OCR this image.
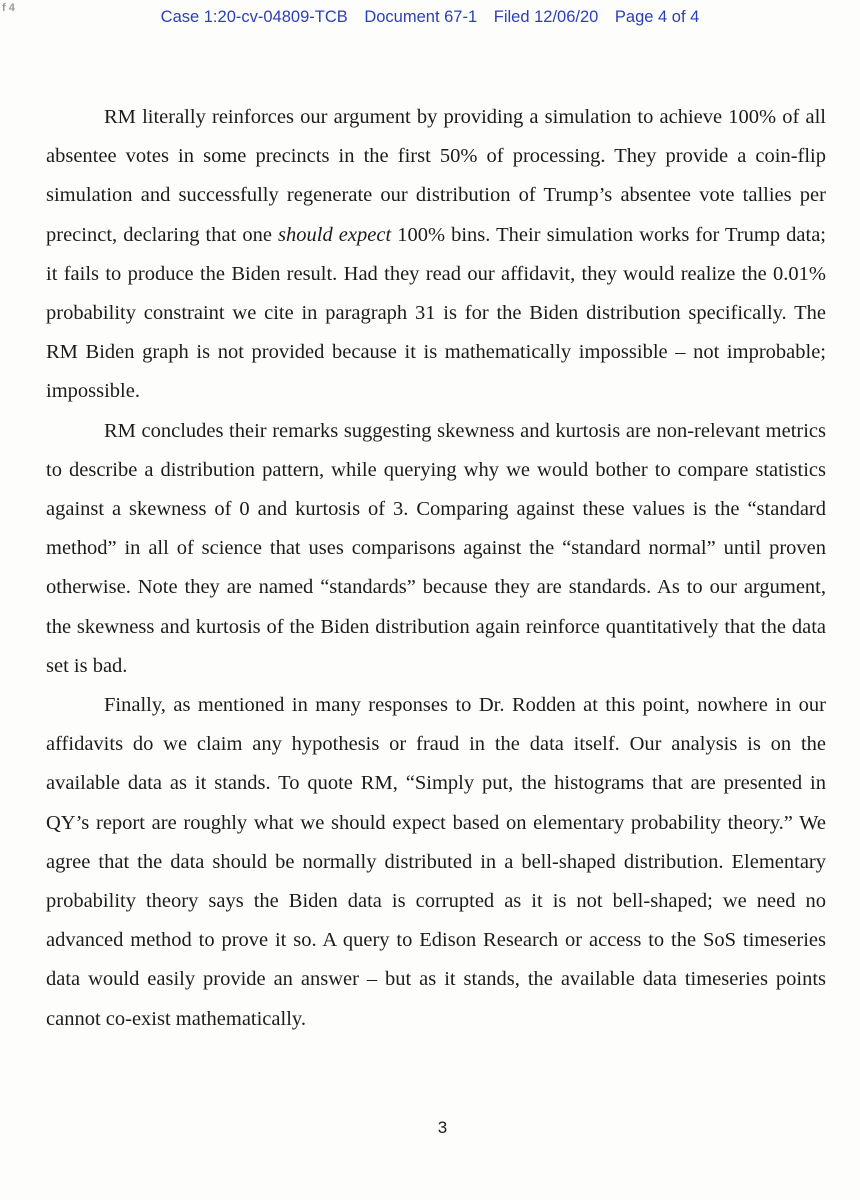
f 4	Case 1:20-cv-04809-TCB Document 67-1 Filed 12/06/20 Page 4 of 4

RM literally reinforces our argument by providing a simulation to achieve 100% of all absentee votes in some precincts in the first 50% of processing. They provide a coin-flip simulation and successfully regenerate our distribution of Trump’s absentee vote tallies per precinct, declaring that one should expect 100% bins. Their simulation works for Trump data; it fails to produce the Biden result. Had they read our affidavit, they would realize the 0.01% probability constraint we cite in paragraph 31 is for the Biden distribution specifically. The RM Biden graph is not provided because it is mathematically impossible – not improbable; impossible.

RM concludes their remarks suggesting skewness and kurtosis are non-relevant metrics to describe a distribution pattern, while querying why we would bother to compare statistics against a skewness of 0 and kurtosis of 3. Comparing against these values is the “standard method” in all of science that uses comparisons against the “standard normal” until proven otherwise. Note they are named “standards” because they are standards. As to our argument, the skewness and kurtosis of the Biden distribution again reinforce quantitatively that the data set is bad.

Finally, as mentioned in many responses to Dr. Rodden at this point, nowhere in our affidavits do we claim any hypothesis or fraud in the data itself. Our analysis is on the available data as it stands. To quote RM, “Simply put, the histograms that are presented in QY’s report are roughly what we should expect based on elementary probability theory.” We agree that the data should be normally distributed in a bell-shaped distribution. Elementary probability theory says the Biden data is corrupted as it is not bell-shaped; we need no advanced method to prove it so. A query to Edison Research or access to the SoS timeseries data would easily provide an answer – but as it stands, the available data timeseries points cannot co-exist mathematically.

3
